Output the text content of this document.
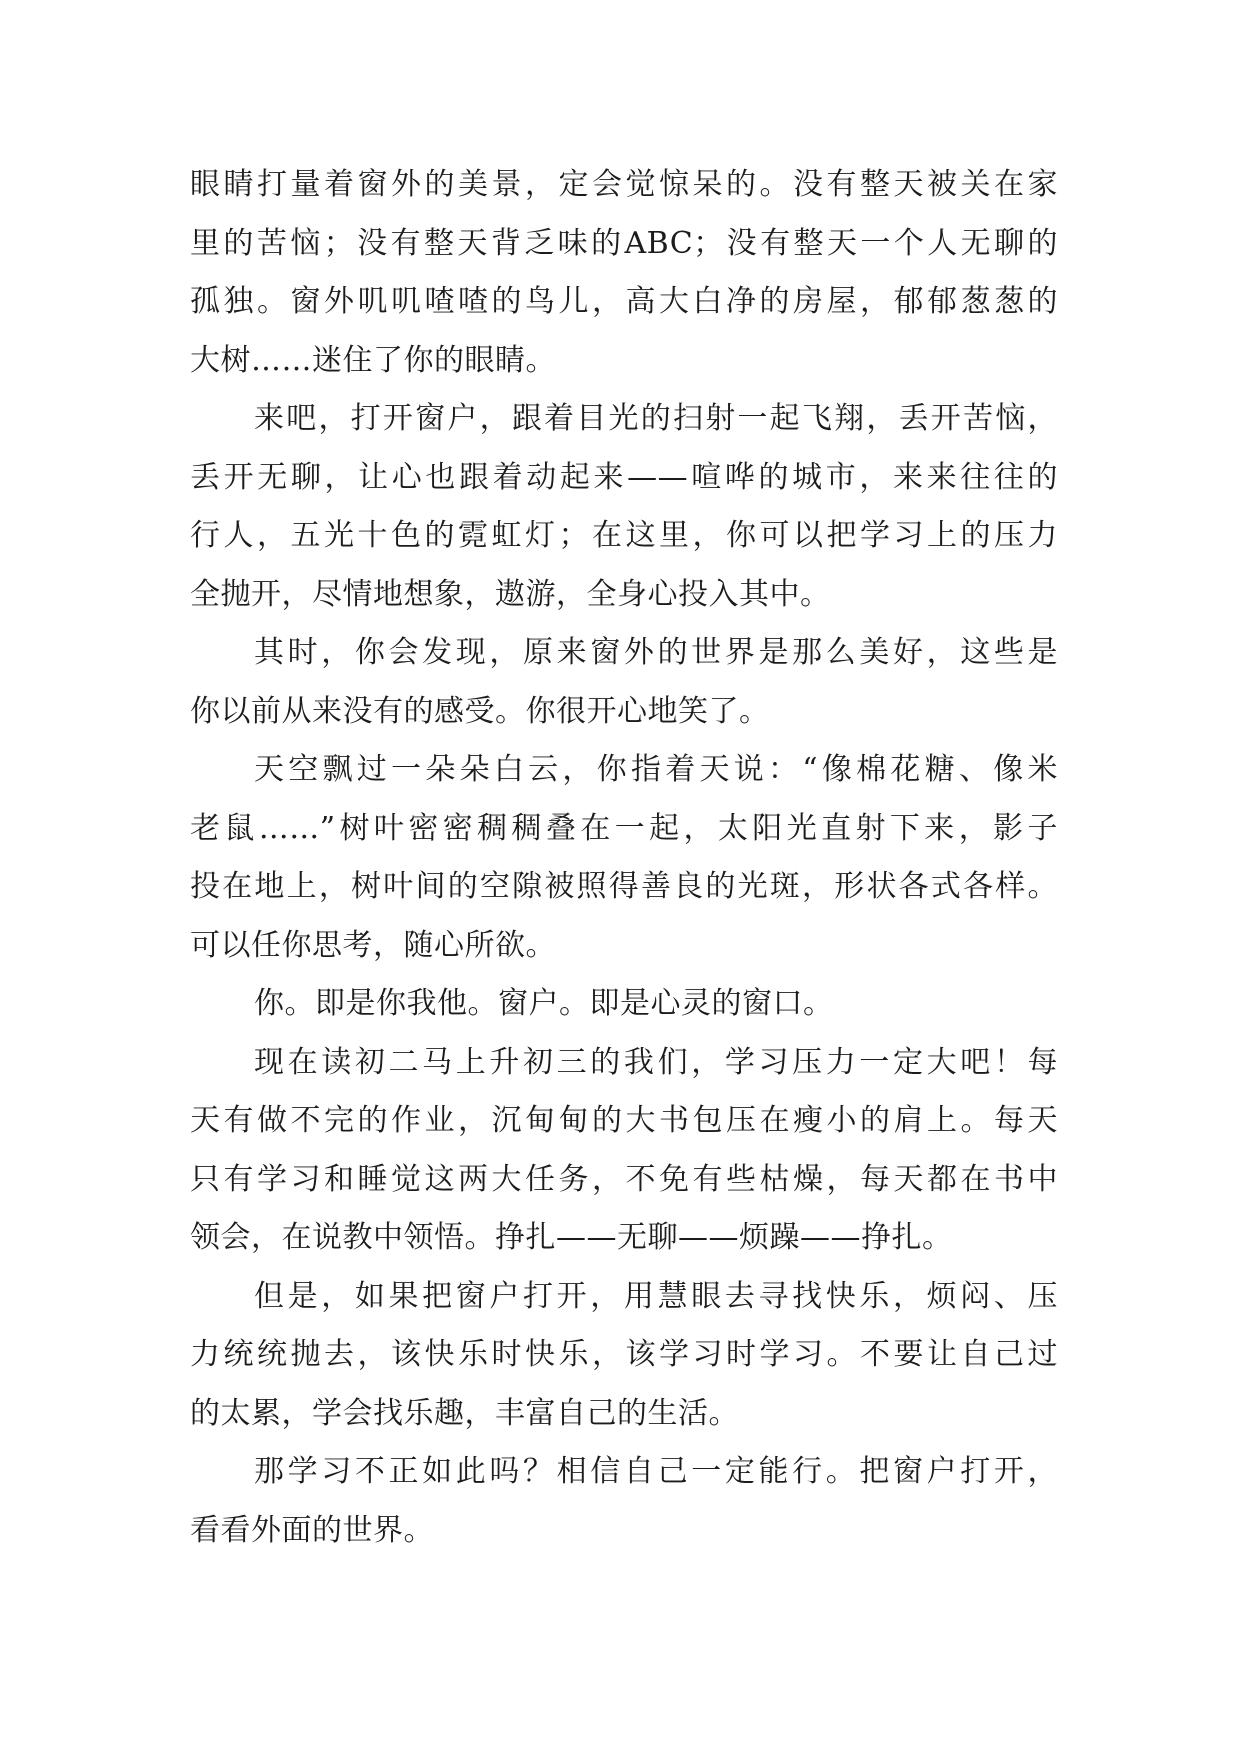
眼睛打量着窗外的美景，定会觉惊呆的。没有整天被关在家
里的苦恼；没有整天背乏味的ABC；没有整天一个人无聊的
孤独。窗外叽叽喳喳的鸟儿，高大白净的房屋，郁郁葱葱的
大树……迷住了你的眼睛。
来吧，打开窗户，跟着目光的扫射一起飞翔，丢开苦恼，
丢开无聊，让心也跟着动起来——喧哗的城市，来来往往的
行人，五光十色的霓虹灯；在这里，你可以把学习上的压力
全抛开，尽情地想象，遨游，全身心投入其中。
其时，你会发现，原来窗外的世界是那么美好，这些是
你以前从来没有的感受。你很开心地笑了。
天空飘过一朵朵白云，你指着天说：“像棉花糖、像米
老鼠……”树叶密密稠稠叠在一起，太阳光直射下来，影子
投在地上，树叶间的空隙被照得善良的光斑，形状各式各样。
可以任你思考，随心所欲。
你。即是你我他。窗户。即是心灵的窗口。
现在读初二马上升初三的我们，学习压力一定大吧！每
天有做不完的作业，沉甸甸的大书包压在瘦小的肩上。每天
只有学习和睡觉这两大任务，不免有些枯燥，每天都在书中
领会，在说教中领悟。挣扎——无聊——烦躁——挣扎。
但是，如果把窗户打开，用慧眼去寻找快乐，烦闷、压
力统统抛去，该快乐时快乐，该学习时学习。不要让自己过
的太累，学会找乐趣，丰富自己的生活。
那学习不正如此吗？相信自己一定能行。把窗户打开，
看看外面的世界。
